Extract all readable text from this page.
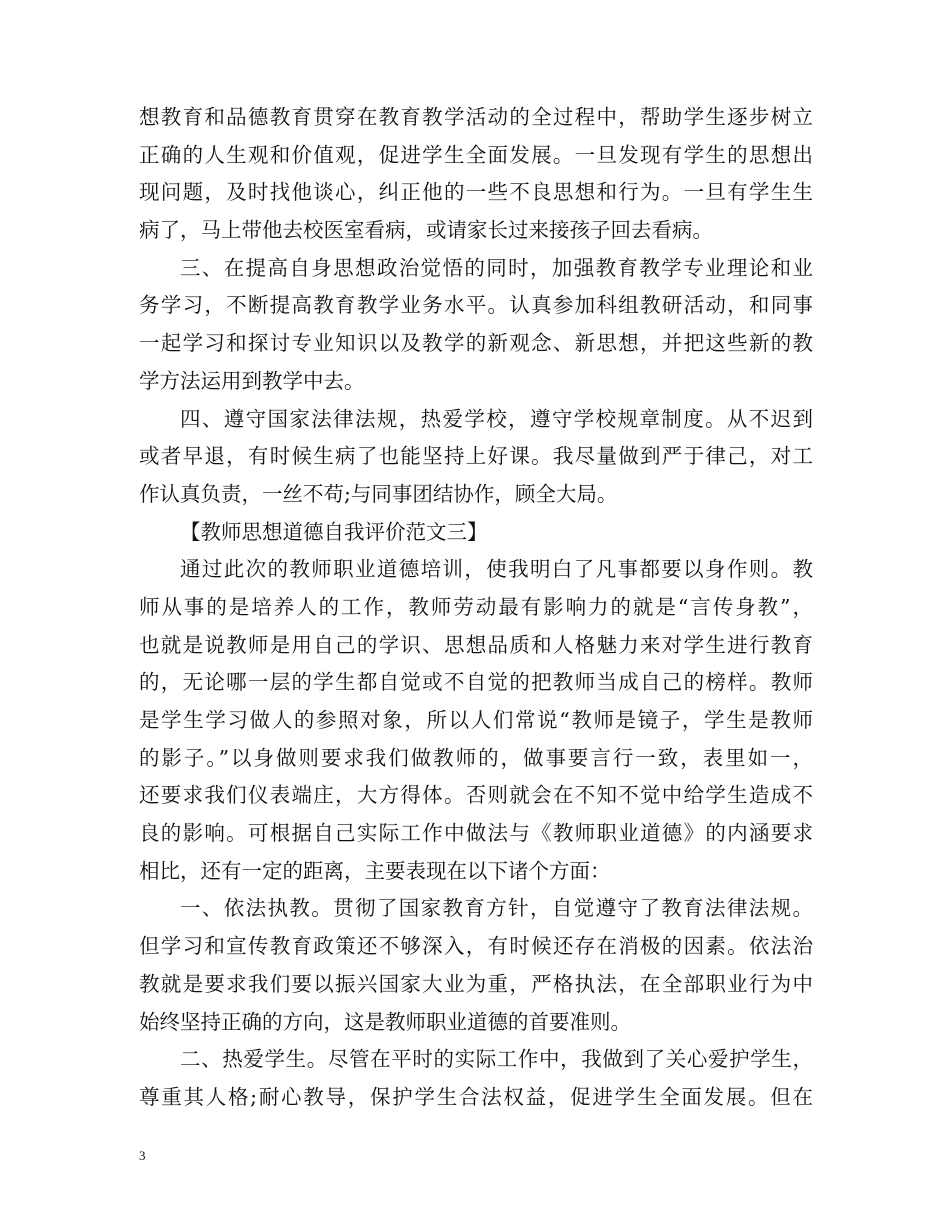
想教育和品德教育贯穿在教育教学活动的全过程中，帮助学生逐步树立
正确的人生观和价值观，促进学生全面发展。一旦发现有学生的思想出
现问题，及时找他谈心，纠正他的一些不良思想和行为。一旦有学生生
病了，马上带他去校医室看病，或请家长过来接孩子回去看病。
三、在提高自身思想政治觉悟的同时，加强教育教学专业理论和业
务学习，不断提高教育教学业务水平。认真参加科组教研活动，和同事
一起学习和探讨专业知识以及教学的新观念、新思想，并把这些新的教
学方法运用到教学中去。
四、遵守国家法律法规，热爱学校，遵守学校规章制度。从不迟到
或者早退，有时候生病了也能坚持上好课。我尽量做到严于律己，对工
作认真负责，一丝不苟;与同事团结协作，顾全大局。
【教师思想道德自我评价范文三】
通过此次的教师职业道德培训，使我明白了凡事都要以身作则。教
师从事的是培养人的工作，教师劳动最有影响力的就是“言传身教”，
也就是说教师是用自己的学识、思想品质和人格魅力来对学生进行教育
的，无论哪一层的学生都自觉或不自觉的把教师当成自己的榜样。教师
是学生学习做人的参照对象，所以人们常说“教师是镜子，学生是教师
的影子。”以身做则要求我们做教师的，做事要言行一致，表里如一，
还要求我们仪表端庄，大方得体。否则就会在不知不觉中给学生造成不
良的影响。可根据自己实际工作中做法与《教师职业道德》的内涵要求
相比，还有一定的距离，主要表现在以下诸个方面：
一、依法执教。贯彻了国家教育方针，自觉遵守了教育法律法规。
但学习和宣传教育政策还不够深入，有时候还存在消极的因素。依法治
教就是要求我们要以振兴国家大业为重，严格执法，在全部职业行为中
始终坚持正确的方向，这是教师职业道德的首要准则。
二、热爱学生。尽管在平时的实际工作中，我做到了关心爱护学生，
尊重其人格;耐心教导，保护学生合法权益，促进学生全面发展。但在
3
